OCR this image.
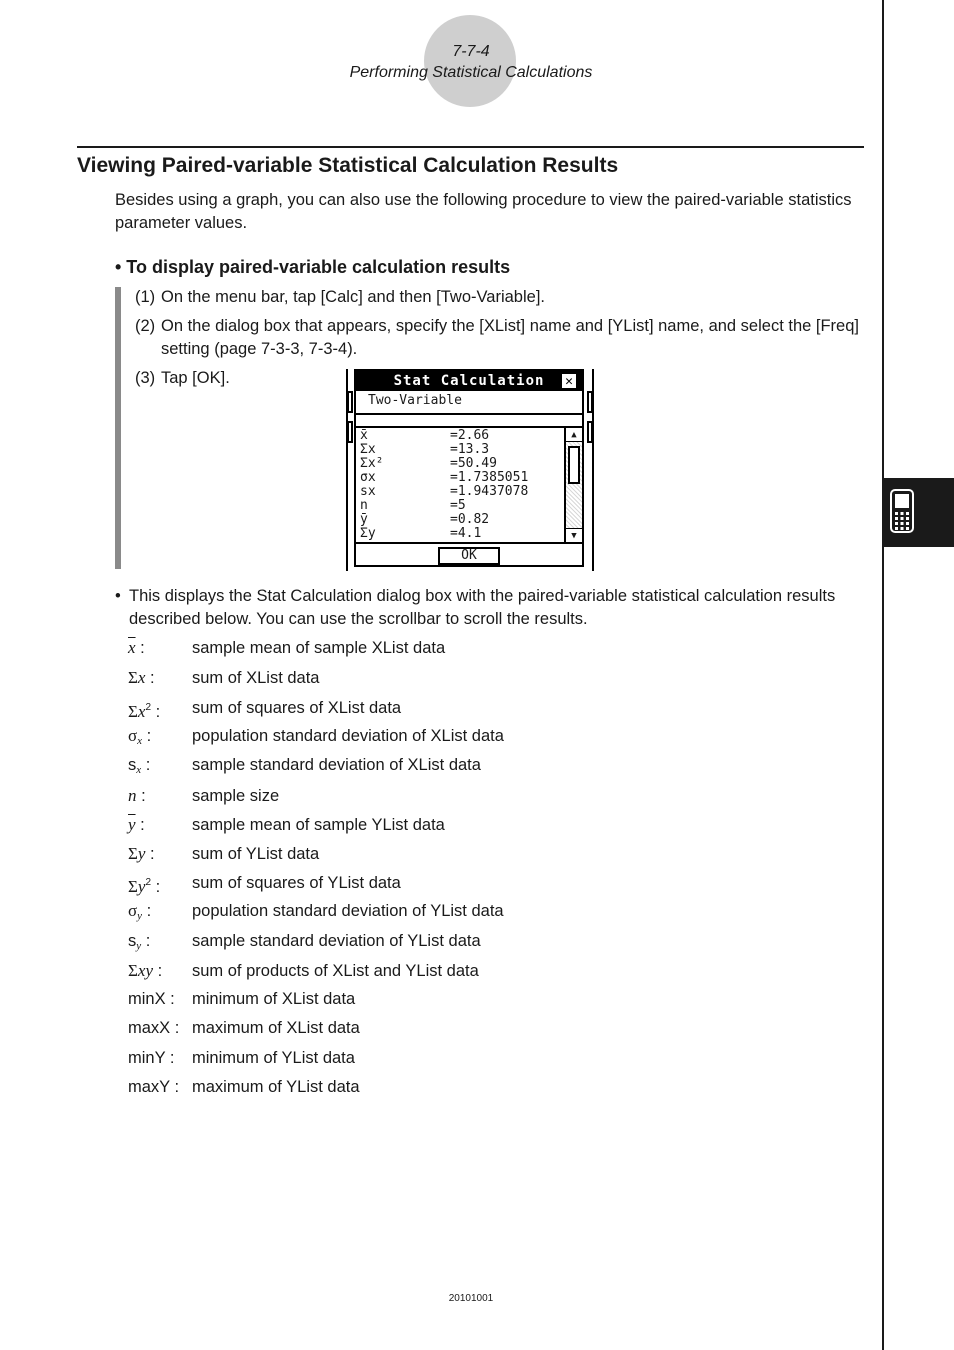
7-7-4
Performing Statistical Calculations
Viewing Paired-variable Statistical Calculation Results
Besides using a graph, you can also use the following procedure to view the paired-variable statistics parameter values.
• To display paired-variable calculation results
(1) On the menu bar, tap [Calc] and then [Two-Variable].
(2) On the dialog box that appears, specify the [XList] name and [YList] name, and select the [Freq] setting (page 7-3-3, 7-3-4).
(3) Tap [OK].	Stat Calculation	✕
Two-Variable
x̄	=2.66
Σx	=13.3
Σx²	=50.49
σx	=1.7385051
sx	=1.9437078
n	=5
ȳ	=0.82
Σy	=4.1
▲
▼
OK
• This displays the Stat Calculation dialog box with the paired-variable statistical calculation results described below. You can use the scrollbar to scroll the results.
$\overline{x}$ :	sample mean of sample XList data
Σx : sum of XList data
$\Sigma x^2$ : sum of squares of XList data
$\sigma_x$ : population standard deviation of XList data
$s_x$ :	sample standard deviation of XList data
n :	sample size
$\overline{y}$ :	sample mean of sample YList data
Σy : sum of YList data
$\Sigma y^2$ : sum of squares of YList data
$\sigma_y$ : population standard deviation of YList data
$s_y$ :	sample standard deviation of YList data
Σxy : sum of products of XList and YList data
minX : minimum of XList data
maxX : maximum of XList data
minY : minimum of YList data
maxY : maximum of YList data
20101001
